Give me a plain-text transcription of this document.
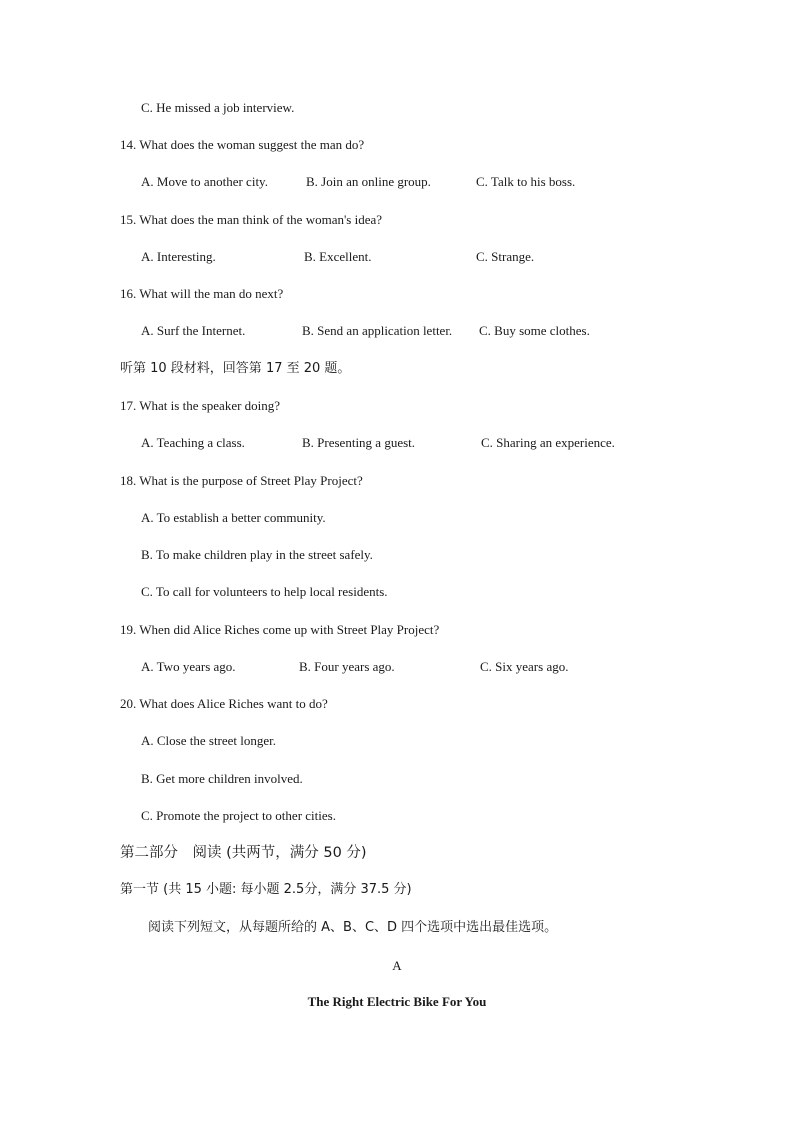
C. He missed a job interview.
14. What does the woman suggest the man do?
A. Move to another city.	B. Join an online group.	C. Talk to his boss.
15. What does the man think of the woman's idea?
A. Interesting.	B. Excellent.	C. Strange.
16. What will the man do next?
A. Surf the Internet.	B. Send an application letter. C. Buy some clothes.
听第 10 段材料，回答第 17 至 20 题。
17. What is the speaker doing?
A. Teaching a class.	B. Presenting a guest.	C. Sharing an experience.
18. What is the purpose of Street Play Project?
A. To establish a better community.
B. To make children play in the street safely.
C. To call for volunteers to help local residents.
19. When did Alice Riches come up with Street Play Project?
A. Two years ago.	B. Four years ago.	C. Six years ago.
20. What does Alice Riches want to do?
A. Close the street longer.
B. Get more children involved.
C. Promote the project to other cities.
第二部分　阅读 (共两节，满分 50 分)
第一节 (共 15 小题: 每小题 2.5分，满分 37.5 分)
阅读下列短文，从每题所给的 A、B、C、D 四个选项中选出最佳选项。
A
The Right Electric Bike For You
